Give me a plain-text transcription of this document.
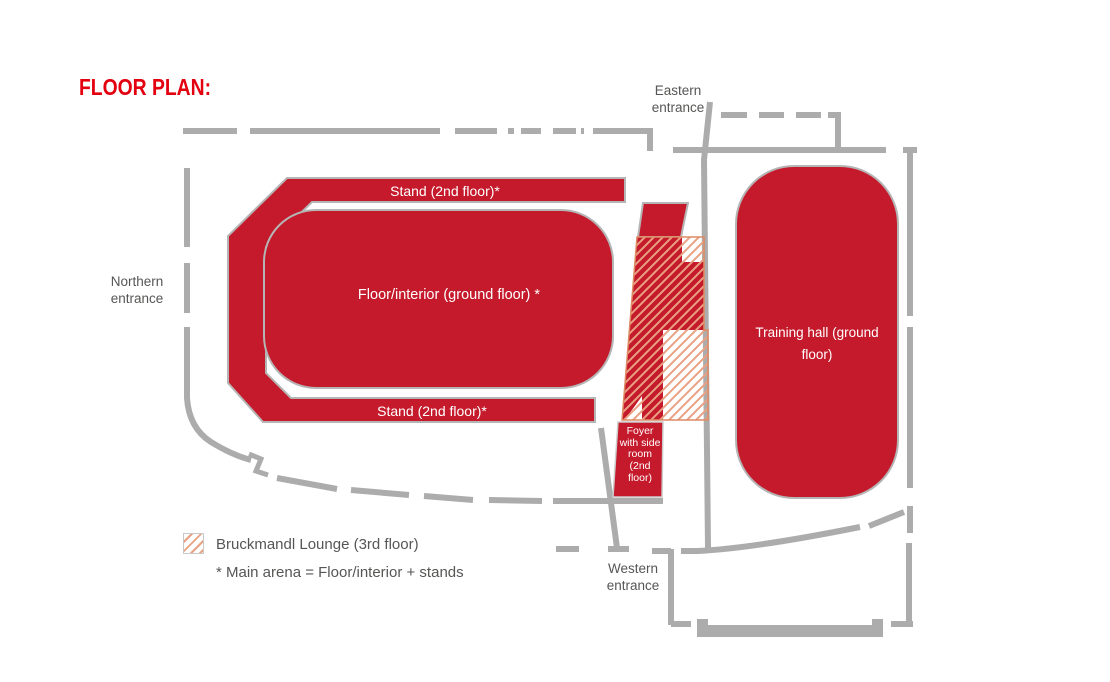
FLOOR PLAN:
Northern entrance
Eastern entrance
Western entrance
Stand (2nd floor)*
Stand (2nd floor)*
Floor/interior (ground floor) *
Training hall (ground floor)
Foyer with side room (2nd floor)
Bruckmandl Lounge (3rd floor)
* Main arena = Floor/interior + stands
